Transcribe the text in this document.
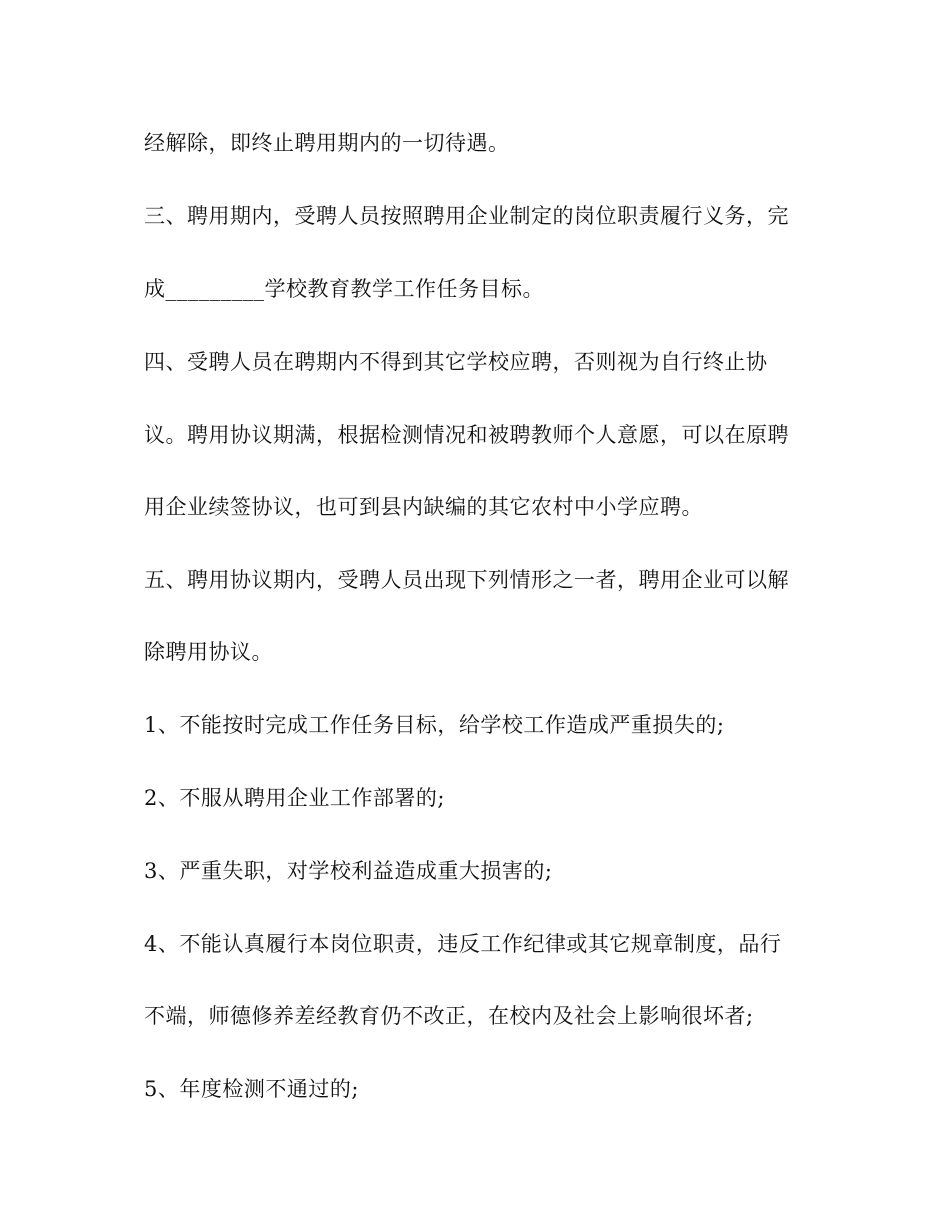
经解除，即终止聘用期内的一切待遇。
三、聘用期内，受聘人员按照聘用企业制定的岗位职责履行义务，完
成_________学校教育教学工作任务目标。
四、受聘人员在聘期内不得到其它学校应聘，否则视为自行终止协
议。聘用协议期满，根据检测情况和被聘教师个人意愿，可以在原聘
用企业续签协议，也可到县内缺编的其它农村中小学应聘。
五、聘用协议期内，受聘人员出现下列情形之一者，聘用企业可以解
除聘用协议。
1、不能按时完成工作任务目标，给学校工作造成严重损失的;
2、不服从聘用企业工作部署的;
3、严重失职，对学校利益造成重大损害的;
4、不能认真履行本岗位职责，违反工作纪律或其它规章制度，品行
不端，师德修养差经教育仍不改正，在校内及社会上影响很坏者;
5、年度检测不通过的;
